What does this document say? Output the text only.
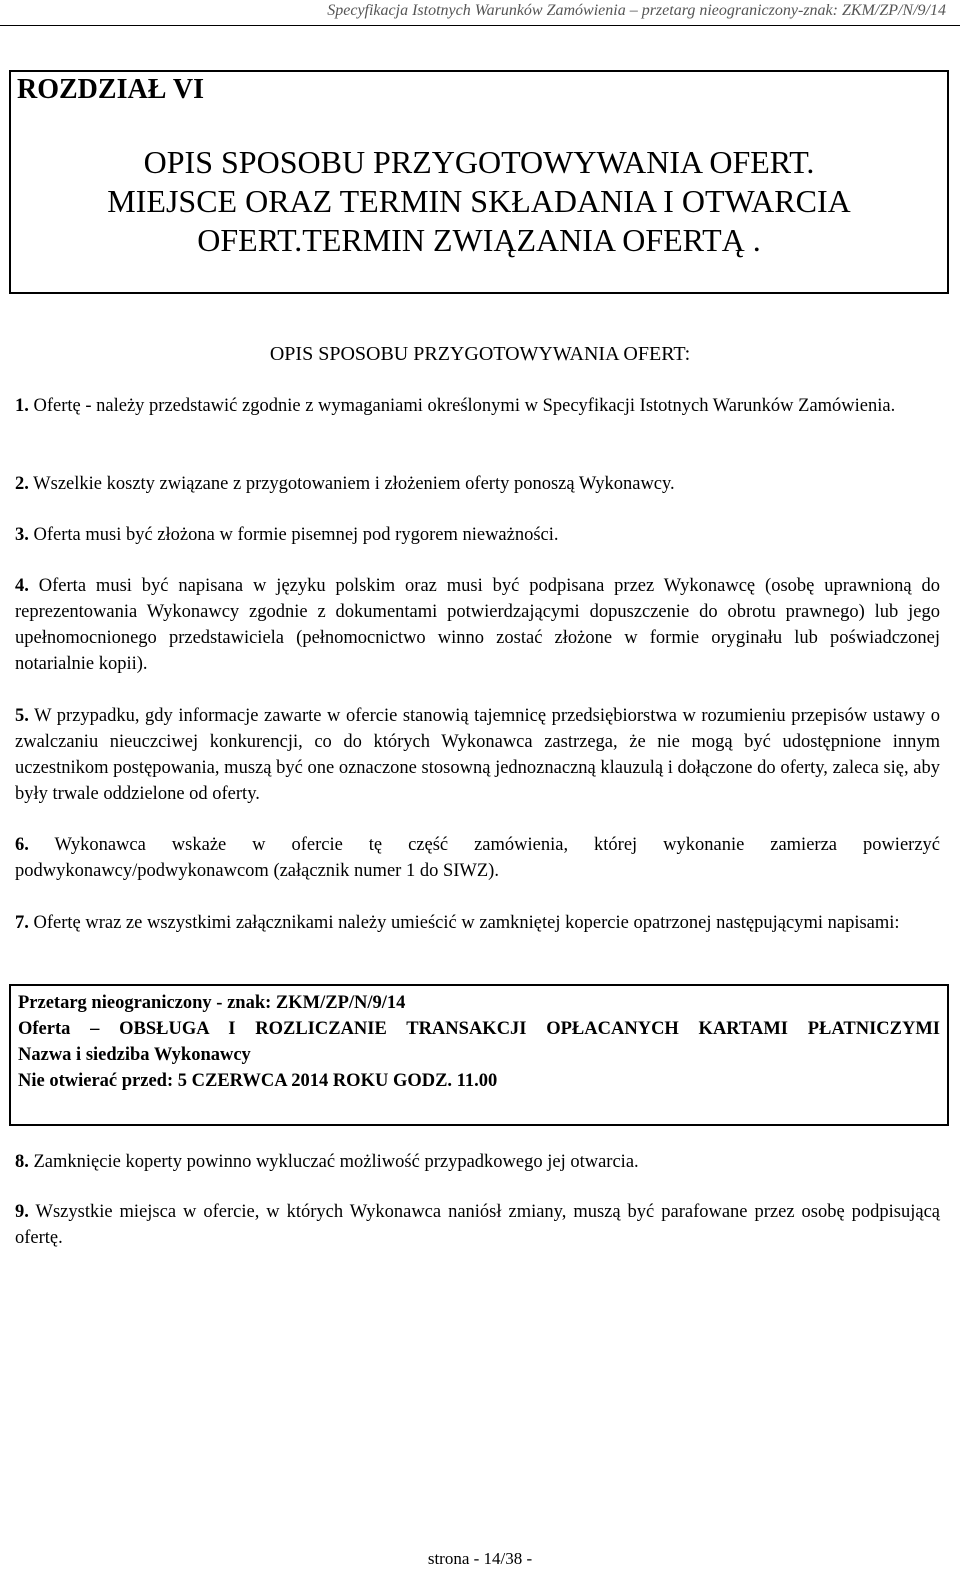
Specyfikacja Istotnych Warunków Zamówienia – przetarg nieograniczony-znak: ZKM/ZP/N/9/14
ROZDZIAŁ VI
OPIS SPOSOBU PRZYGOTOWYWANIA OFERT.
MIEJSCE ORAZ TERMIN SKŁADANIA I OTWARCIA
OFERT.TERMIN ZWIĄZANIA OFERTĄ .
OPIS SPOSOBU PRZYGOTOWYWANIA OFERT:

1. Ofertę - należy przedstawić zgodnie z wymaganiami określonymi w Specyfikacji Istotnych Warunków Zamówienia.

2. Wszelkie koszty związane z przygotowaniem i złożeniem oferty ponoszą Wykonawcy.

3. Oferta musi być złożona w formie pisemnej pod rygorem nieważności.

4. Oferta musi być napisana w języku polskim oraz musi być podpisana przez Wykonawcę (osobę uprawnioną do reprezentowania Wykonawcy zgodnie z dokumentami potwierdzającymi dopuszczenie do obrotu prawnego) lub jego upełnomocnionego przedstawiciela (pełnomocnictwo winno zostać złożone w formie oryginału lub poświadczonej notarialnie kopii).

5. W przypadku, gdy informacje zawarte w ofercie stanowią tajemnicę przedsiębiorstwa w rozumieniu przepisów ustawy o zwalczaniu nieuczciwej konkurencji, co do których Wykonawca zastrzega, że nie mogą być udostępnione innym uczestnikom postępowania, muszą być one oznaczone stosowną jednoznaczną klauzulą i dołączone do oferty, zaleca się, aby były trwale oddzielone od oferty.

6. Wykonawca wskaże w ofercie tę część zamówienia, której wykonanie zamierza powierzyć podwykonawcy/podwykonawcom (załącznik numer 1 do SIWZ).

7. Ofertę wraz ze wszystkimi załącznikami należy umieścić w zamkniętej kopercie opatrzonej następującymi napisami:

Przetarg nieograniczony - znak: ZKM/ZP/N/9/14
Oferta – OBSŁUGA I ROZLICZANIE TRANSAKCJI OPŁACANYCH KARTAMI PŁATNICZYMI
Nazwa i siedziba Wykonawcy
Nie otwierać przed: 5 CZERWCA 2014 ROKU GODZ. 11.00

8. Zamknięcie koperty powinno wykluczać możliwość przypadkowego jej otwarcia.

9. Wszystkie miejsca w ofercie, w których Wykonawca naniósł zmiany, muszą być parafowane przez osobę podpisującą ofertę.

strona - 14/38 -
